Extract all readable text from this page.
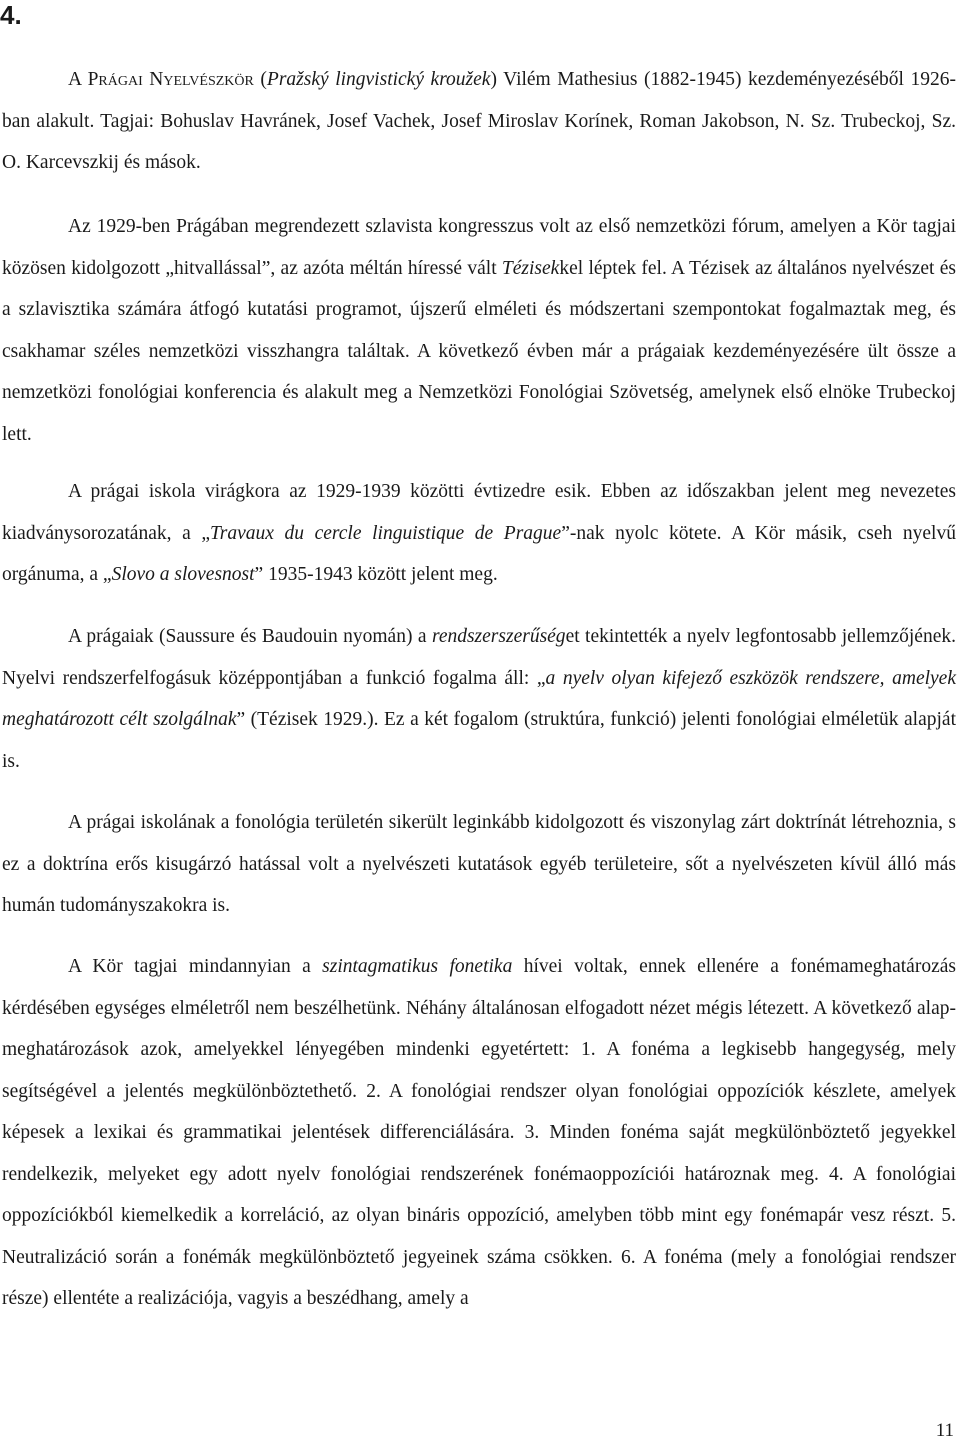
4.

A Prágai Nyelvészkör (Pražský lingvistický kroužek) Vilém Mathesius (1882-1945) kezdeményezéséből 1926-ban alakult. Tagjai: Bohuslav Havránek, Josef Vachek, Josef Miroslav Korínek, Roman Jakobson, N. Sz. Trubeckoj, Sz. O. Karcevszkij és mások.

Az 1929-ben Prágában megrendezett szlavista kongresszus volt az első nemzetközi fórum, amelyen a Kör tagjai közösen kidolgozott „hitvallással”, az azóta méltán híressé vált Tézisekkel léptek fel. A Tézisek az általános nyelvészet és a szlavisztika számára átfogó kutatási programot, újszerű elméleti és módszertani szempontokat fogalmaztak meg, és csakhamar széles nemzetközi visszhangra találtak. A következő évben már a prágaiak kezdeményezésére ült össze a nemzetközi fonológiai konferencia és alakult meg a Nemzetközi Fonológiai Szövetség, amelynek első elnöke Trubeckoj lett.

A prágai iskola virágkora az 1929-1939 közötti évtizedre esik. Ebben az időszakban jelent meg nevezetes kiadványsorozatának, a „Travaux du cercle linguistique de Prague”-nak nyolc kötete. A Kör másik, cseh nyelvű orgánuma, a „Slovo a slovesnost” 1935-1943 között jelent meg.

A prágaiak (Saussure és Baudouin nyomán) a rendszerszerűséget tekintették a nyelv legfontosabb jellemzőjének. Nyelvi rendszerfelfogásuk középpontjában a funkció fogalma áll: „a nyelv olyan kifejező eszközök rendszere, amelyek meghatározott célt szolgálnak” (Tézisek 1929.). Ez a két fogalom (struktúra, funkció) jelenti fonológiai elméletük alapját is.

A prágai iskolának a fonológia területén sikerült leginkább kidolgozott és viszonylag zárt doktrínát létrehoznia, s ez a doktrína erős kisugárzó hatással volt a nyelvészeti kutatások egyéb területeire, sőt a nyelvészeten kívül álló más humán tudományszakokra is.

A Kör tagjai mindannyian a szintagmatikus fonetika hívei voltak, ennek ellenére a fonémameghatározás kérdésében egységes elméletről nem beszélhetünk. Néhány általánosan elfogadott nézet mégis létezett. A következő alap-meghatározások azok, amelyekkel lényegében mindenki egyetértett: 1. A fonéma a legkisebb hangegység, mely segítségével a jelentés megkülönböztethető. 2. A fonológiai rendszer olyan fonológiai oppozíciók készlete, amelyek képesek a lexikai és grammatikai jelentések differenciálására. 3. Minden fonéma saját megkülönböztető jegyekkel rendelkezik, melyeket egy adott nyelv fonológiai rendszerének fonémaoppozíciói határoznak meg. 4. A fonológiai oppozíciókból kiemelkedik a korreláció, az olyan bináris oppozíció, amelyben több mint egy fonémapár vesz részt. 5. Neutralizáció során a fonémák megkülönböztető jegyeinek száma csökken. 6. A fonéma (mely a fonológiai rendszer része) ellentéte a realizációja, vagyis a beszédhang, amely a

11
